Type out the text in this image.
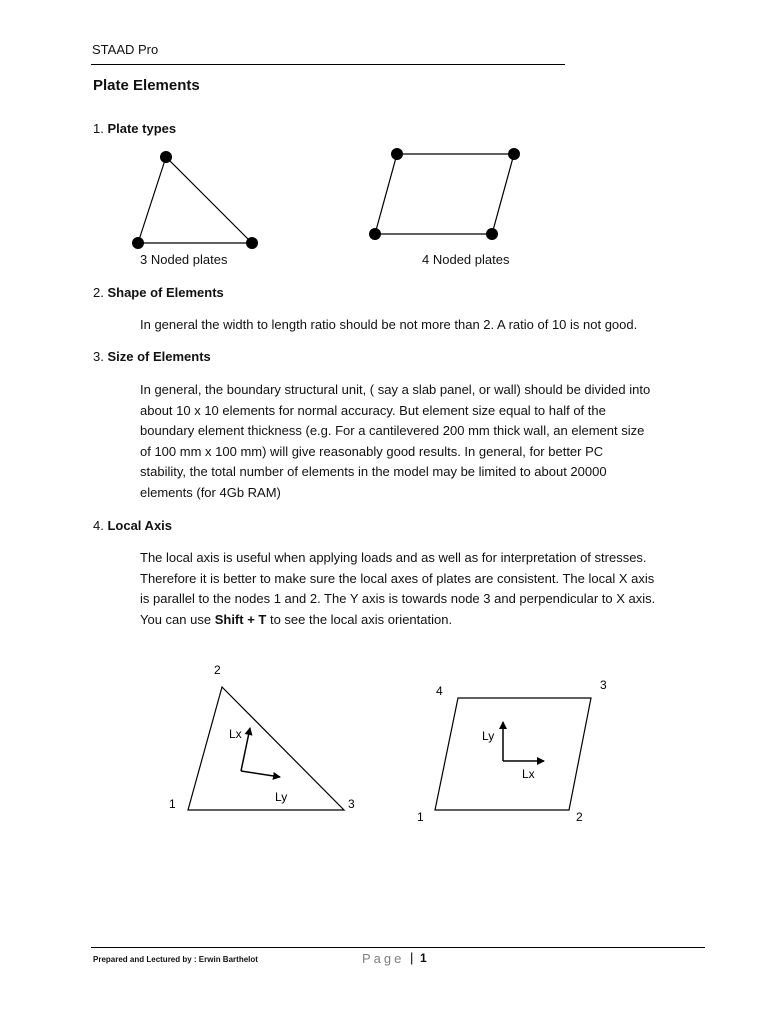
STAAD Pro
Plate Elements
1. Plate types
3 Noded plates	4 Noded plates
2. Shape of Elements
In general the width to length ratio should be not more than 2. A ratio of 10 is not good.
3. Size of Elements
In general, the boundary structural unit, ( say a slab panel, or wall) should be divided into
about 10 x 10 elements for normal accuracy. But element size equal to half of the
boundary element thickness (e.g. For a cantilevered 200 mm thick wall, an element size
of 100 mm x 100 mm) will give reasonably good results. In general, for better PC
stability, the total number of elements in the model may be limited to about 20000
elements (for 4Gb RAM)
4. Local Axis
The local axis is useful when applying loads and as well as for interpretation of stresses.
Therefore it is better to make sure the local axes of plates are consistent. The local X axis
is parallel to the nodes 1 and 2. The Y axis is towards node 3 and perpendicular to X axis.
You can use Shift + T to see the local axis orientation.
2
1	3
Lx
Ly
4	3
1	2
Ly
Lx
Prepared and Lectured by : Erwin Barthelot	Page | 1
